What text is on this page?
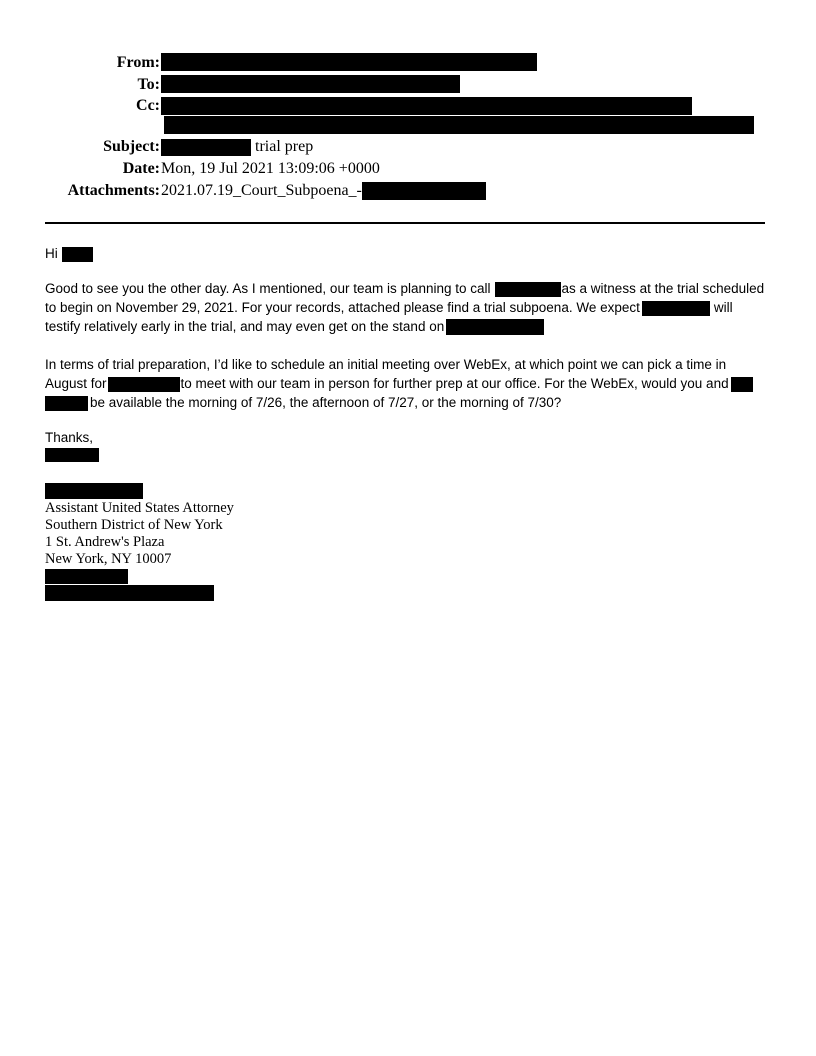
From:
To:
Cc:
Subject:	trial prep
Date: Mon, 19 Jul 2021 13:09:06 +0000
Attachments: 2021.07.19_Court_Subpoena_-
Hi
Good to see you the other day. As I mentioned, our team is planning to call	as a witness at the trial scheduled
to begin on November 29, 2021. For your records, attached please find a trial subpoena. We expect	will
testify relatively early in the trial, and may even get on the stand on
In terms of trial preparation, I’d like to schedule an initial meeting over WebEx, at which point we can pick a time in
August for	to meet with our team in person for further prep at our office. For the WebEx, would you and
be available the morning of 7/26, the afternoon of 7/27, or the morning of 7/30?
Thanks,
Assistant United States Attorney
Southern District of New York
1 St. Andrew's Plaza
New York, NY 10007
